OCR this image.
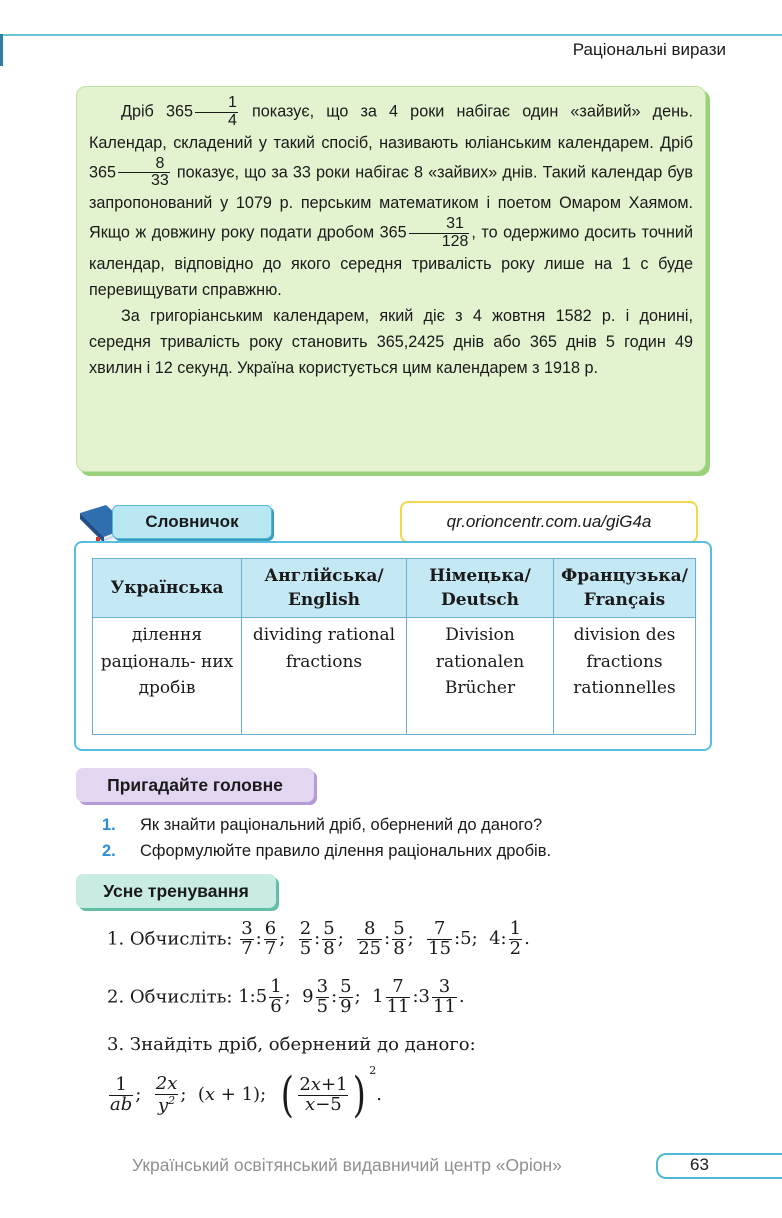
Раціональні вирази

Дріб $365 \frac{1}{4}$ показує, що за 4 роки набігає один «зайвий» день. Календар, складений у такий спосіб, називають юліанським календарем. Дріб $365 \frac{8}{33}$ показує, що за 33 роки набігає 8 «зайвих» днів. Такий календар був запропонований у 1079 р. перським математиком і поетом Омаром Хаямом. Якщо ж довжину року подати дробом $365 \frac{31}{128}$ , то одержимо досить точний календар, відповідно до якого середня тривалість року лише на 1 с буде перевищувати справжню.

За григоріанським календарем, який діє з 4 жовтня 1582 р. і донині, середня тривалість року становить 365,2425 днів або 365 днів 5 годин 49 хвилин і 12 секунд. Україна користується цим календарем з 1918 р.

Словничок	qr.orioncentr.com.ua/giG4a
Українська	Англійська/ English	Німецька/ Deutsch	Французька/ Français
ділення раціональ- них дробів	dividing rational fractions	Division rationalen Brücher	division des fractions rationnelles
Пригадайте головне
1. Як знайти раціональний дріб, обернений до даного?
2. Сформулюйте правило ділення раціональних дробів.
Усне тренування
1. Обчисліть: $\frac{3}{7}$ : $\frac{6}{7}$ ; $\frac{2}{5}$ : $\frac{5}{8}$ ; $\frac{8}{25}$ : $\frac{5}{8}$ ; $\frac{7}{15}$ :5;  4: $\frac{1}{2}$ .
2. Обчисліть: 1:5 $\frac{1}{6}$ ;  $9 \frac{3}{5}$ : $\frac{5}{9}$ ;  $1 \frac{7}{11}$ :3 $\frac{3}{11}$ .
3. Знайдіть дріб, обернений до даного:
$\frac{1}{ab}$ ; $\frac{2x}{y^2}$ ;  (x + 1);  ( $\frac{2x+1}{x-5}$ ) $^2$.
Український освітянський видавничий центр «Оріон»	63
